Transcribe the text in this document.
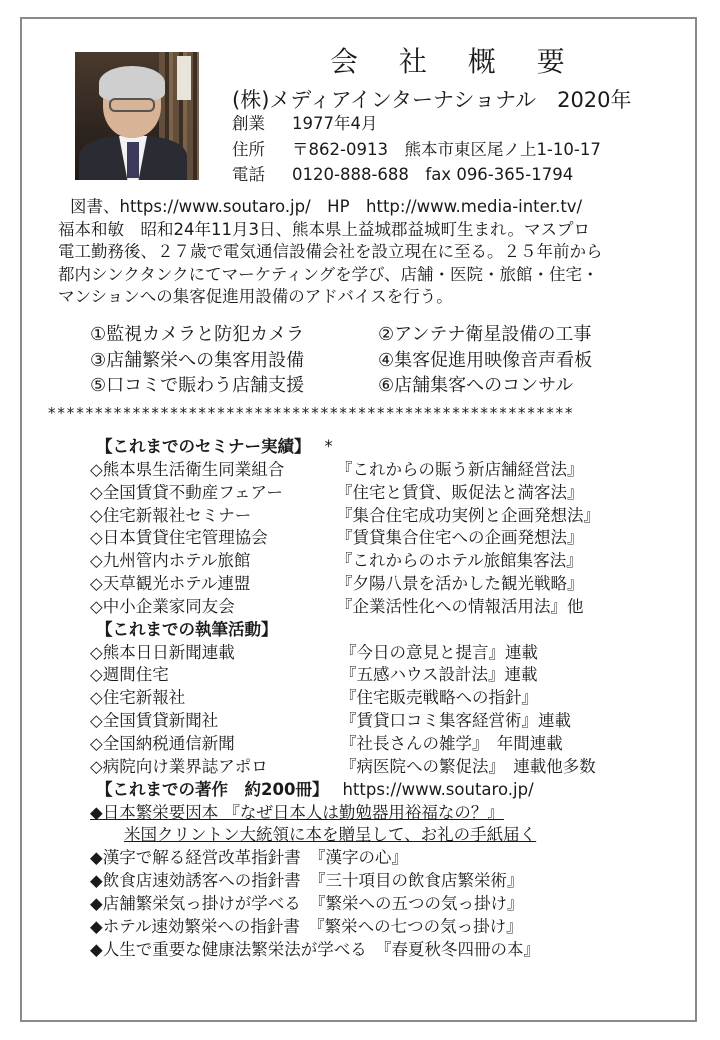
会 社 概 要
(株)メディアインターナショナル　2020年
創業 1977年4月
住所 〒862-0913　熊本市東区尾ノ上1-10-17
電話 0120-888-688　fax 096-365-1794

図書、https://www.soutaro.jp/　HP　http://www.media-inter.tv/

福本和敏　昭和24年11月3日、熊本県上益城郡益城町生まれ。マスプロ

電工勤務後、２７歳で電気通信設備会社を設立現在に至る。２５年前から

都内シンクタンクにてマーケティングを学び、店舗・医院・旅館・住宅・

マンションへの集客促進用設備のアドバイスを行う。

①監視カメラと防犯カメラ	②アンテナ衛星設備の工事
③店舗繁栄への集客用設備	④集客促進用映像音声看板
⑤口コミで賑わう店舗支援	⑥店舗集客へのコンサル
********************************************************
【これまでのセミナー実績】 *
◇熊本県生活衛生同業組合	『これからの賑う新店舗経営法』
◇全国賃貸不動産フェアー	『住宅と賃貸、販促法と満客法』
◇住宅新報社セミナー	『集合住宅成功実例と企画発想法』
◇日本賃貸住宅管理協会	『賃貸集合住宅への企画発想法』
◇九州管内ホテル旅館	『これからのホテル旅館集客法』
◇天草観光ホテル連盟	『夕陽八景を活かした観光戦略』
◇中小企業家同友会	『企業活性化への情報活用法』他
【これまでの執筆活動】
◇熊本日日新聞連載	『今日の意見と提言』連載
◇週間住宅	『五感ハウス設計法』連載
◇住宅新報社	『住宅販売戦略への指針』
◇全国賃貸新聞社	『賃貸口コミ集客経営術』連載
◇全国納税通信新聞	『社長さんの雑学』　年間連載
◇病院向け業界誌アポロ	『病医院への繁促法』　連載他多数
【これまでの著作　約200冊】 https://www.soutaro.jp/
◆日本繁栄要因本 『なぜ日本人は勤勉器用裕福なの？』
米国クリントン大統領に本を贈呈して、お礼の手紙届く
◆漢字で解る経営改革指針書　『漢字の心』
◆飲食店速効誘客への指針書　『三十項目の飲食店繁栄術』
◆店舗繁栄気っ掛けが学べる　『繁栄への五つの気っ掛け』
◆ホテル速効繁栄への指針書　『繁栄への七つの気っ掛け』
◆人生で重要な健康法繁栄法が学べる　『春夏秋冬四冊の本』
